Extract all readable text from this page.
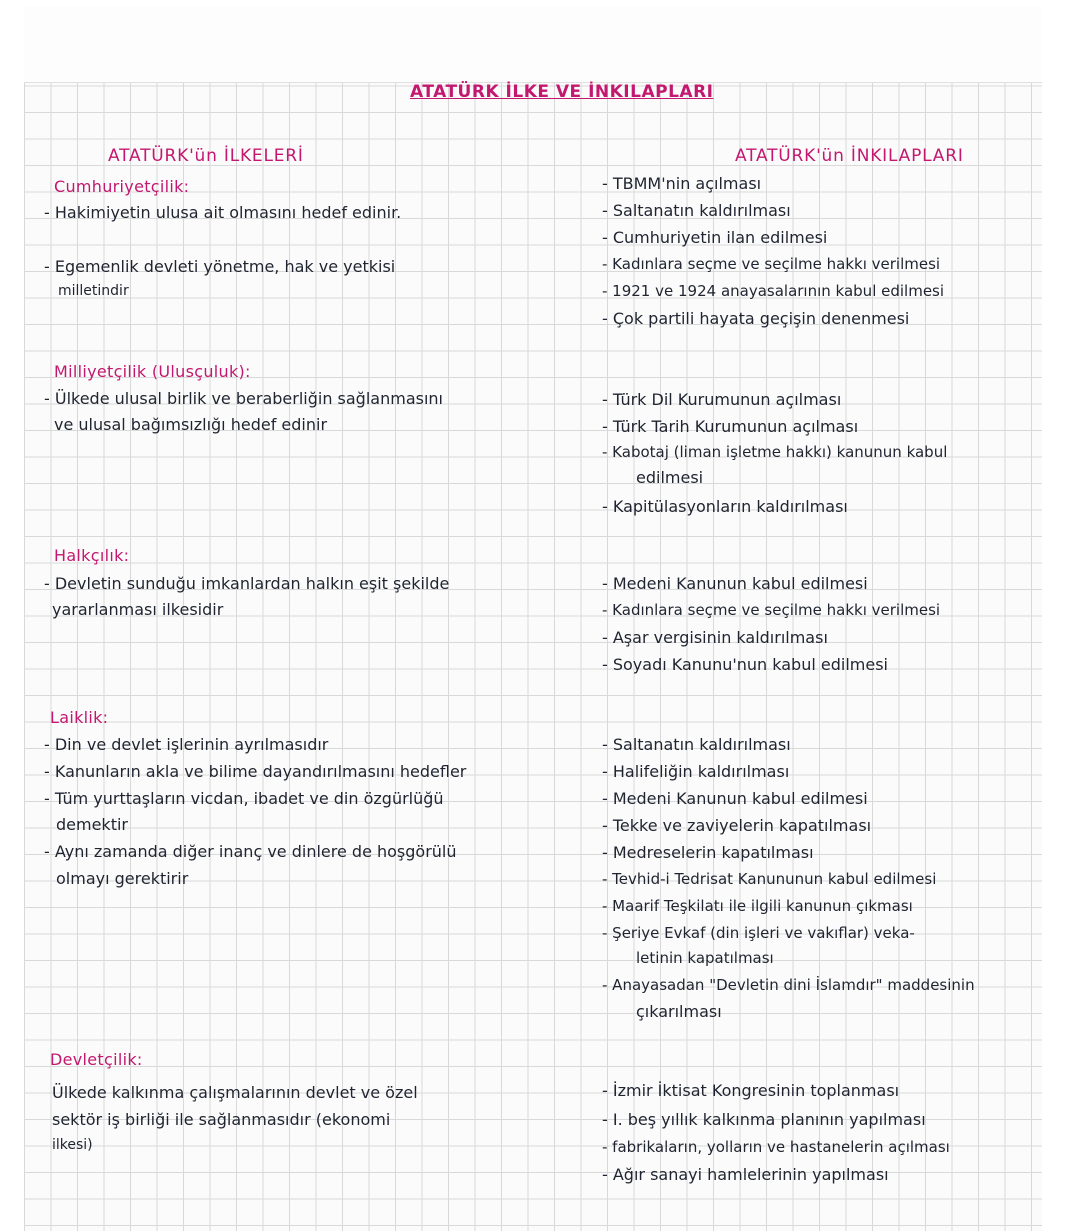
ATATÜRK İLKE VE İNKILAPLARI
ATATÜRK'ün İLKELERİ
Cumhuriyetçilik:
- Hakimiyetin ulusa ait olmasını hedef edinir.
- Egemenlik devleti yönetme, hak ve yetkisi
milletindir
Milliyetçilik (Ulusçuluk):
- Ülkede ulusal birlik ve beraberliğin sağlanmasını
ve ulusal bağımsızlığı hedef edinir
Halkçılık:
- Devletin sunduğu imkanlardan halkın eşit şekilde
yararlanması ilkesidir
Laiklik:
- Din ve devlet işlerinin ayrılmasıdır
- Kanunların akla ve bilime dayandırılmasını hedefler
- Tüm yurttaşların vicdan, ibadet ve din özgürlüğü
demektir
- Aynı zamanda diğer inanç ve dinlere de hoşgörülü
olmayı gerektirir
Devletçilik:
Ülkede kalkınma çalışmalarının devlet ve özel
sektör iş birliği ile sağlanmasıdır (ekonomi
ilkesi)
ATATÜRK'ün İNKILAPLARI
- TBMM'nin açılması
- Saltanatın kaldırılması
- Cumhuriyetin ilan edilmesi
- Kadınlara seçme ve seçilme hakkı verilmesi
- 1921 ve 1924 anayasalarının kabul edilmesi
- Çok partili hayata geçişin denenmesi
- Türk Dil Kurumunun açılması
- Türk Tarih Kurumunun açılması
- Kabotaj (liman işletme hakkı) kanunun kabul
edilmesi
- Kapitülasyonların kaldırılması
- Medeni Kanunun kabul edilmesi
- Kadınlara seçme ve seçilme hakkı verilmesi
- Aşar vergisinin kaldırılması
- Soyadı Kanunu'nun kabul edilmesi
- Saltanatın kaldırılması
- Halifeliğin kaldırılması
- Medeni Kanunun kabul edilmesi
- Tekke ve zaviyelerin kapatılması
- Medreselerin kapatılması
- Tevhid-i Tedrisat Kanununun kabul edilmesi
- Maarif Teşkilatı ile ilgili kanunun çıkması
- Şeriye Evkaf (din işleri ve vakıflar) veka-
letinin kapatılması
- Anayasadan "Devletin dini İslamdır" maddesinin
çıkarılması
- İzmir İktisat Kongresinin toplanması
- I. beş yıllık kalkınma planının yapılması
- fabrikaların, yolların ve hastanelerin açılması
- Ağır sanayi hamlelerinin yapılması
